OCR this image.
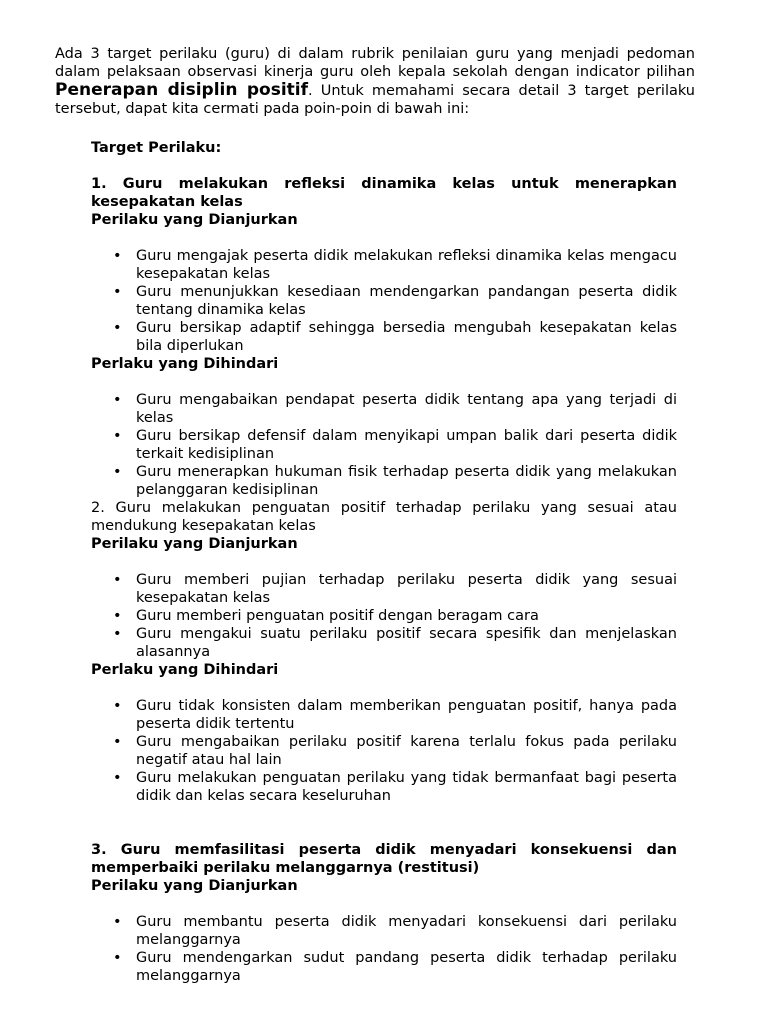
Ada 3 target perilaku (guru) di dalam rubrik penilaian guru yang menjadi pedoman dalam pelaksaan observasi kinerja guru oleh kepala sekolah dengan indicator pilihan Penerapan disiplin positif. Untuk memahami secara detail 3 target perilaku tersebut, dapat kita cermati pada poin-poin di bawah ini:

Target Perilaku:

1. Guru melakukan refleksi dinamika kelas untuk menerapkan kesepakatan kelas

Perilaku yang Dianjurkan

• Guru mengajak peserta didik melakukan refleksi dinamika kelas mengacu kesepakatan kelas
• Guru menunjukkan kesediaan mendengarkan pandangan peserta didik tentang dinamika kelas
• Guru bersikap adaptif sehingga bersedia mengubah kesepakatan kelas bila diperlukan

Perlaku yang Dihindari

• Guru mengabaikan pendapat peserta didik tentang apa yang terjadi di kelas
• Guru bersikap defensif dalam menyikapi umpan balik dari peserta didik terkait kedisiplinan
• Guru menerapkan hukuman fisik terhadap peserta didik yang melakukan pelanggaran kedisiplinan

2. Guru melakukan penguatan positif terhadap perilaku yang sesuai atau mendukung kesepakatan kelas

Perilaku yang Dianjurkan

• Guru memberi pujian terhadap perilaku peserta didik yang sesuai kesepakatan kelas
• Guru memberi penguatan positif dengan beragam cara
• Guru mengakui suatu perilaku positif secara spesifik dan menjelaskan alasannya

Perlaku yang Dihindari

• Guru tidak konsisten dalam memberikan penguatan positif, hanya pada peserta didik tertentu
• Guru mengabaikan perilaku positif karena terlalu fokus pada perilaku negatif atau hal lain
• Guru melakukan penguatan perilaku yang tidak bermanfaat bagi peserta didik dan kelas secara keseluruhan

3. Guru memfasilitasi peserta didik menyadari konsekuensi dan memperbaiki perilaku melanggarnya (restitusi)

Perilaku yang Dianjurkan

• Guru membantu peserta didik menyadari konsekuensi dari perilaku melanggarnya
• Guru mendengarkan sudut pandang peserta didik terhadap perilaku melanggarnya
